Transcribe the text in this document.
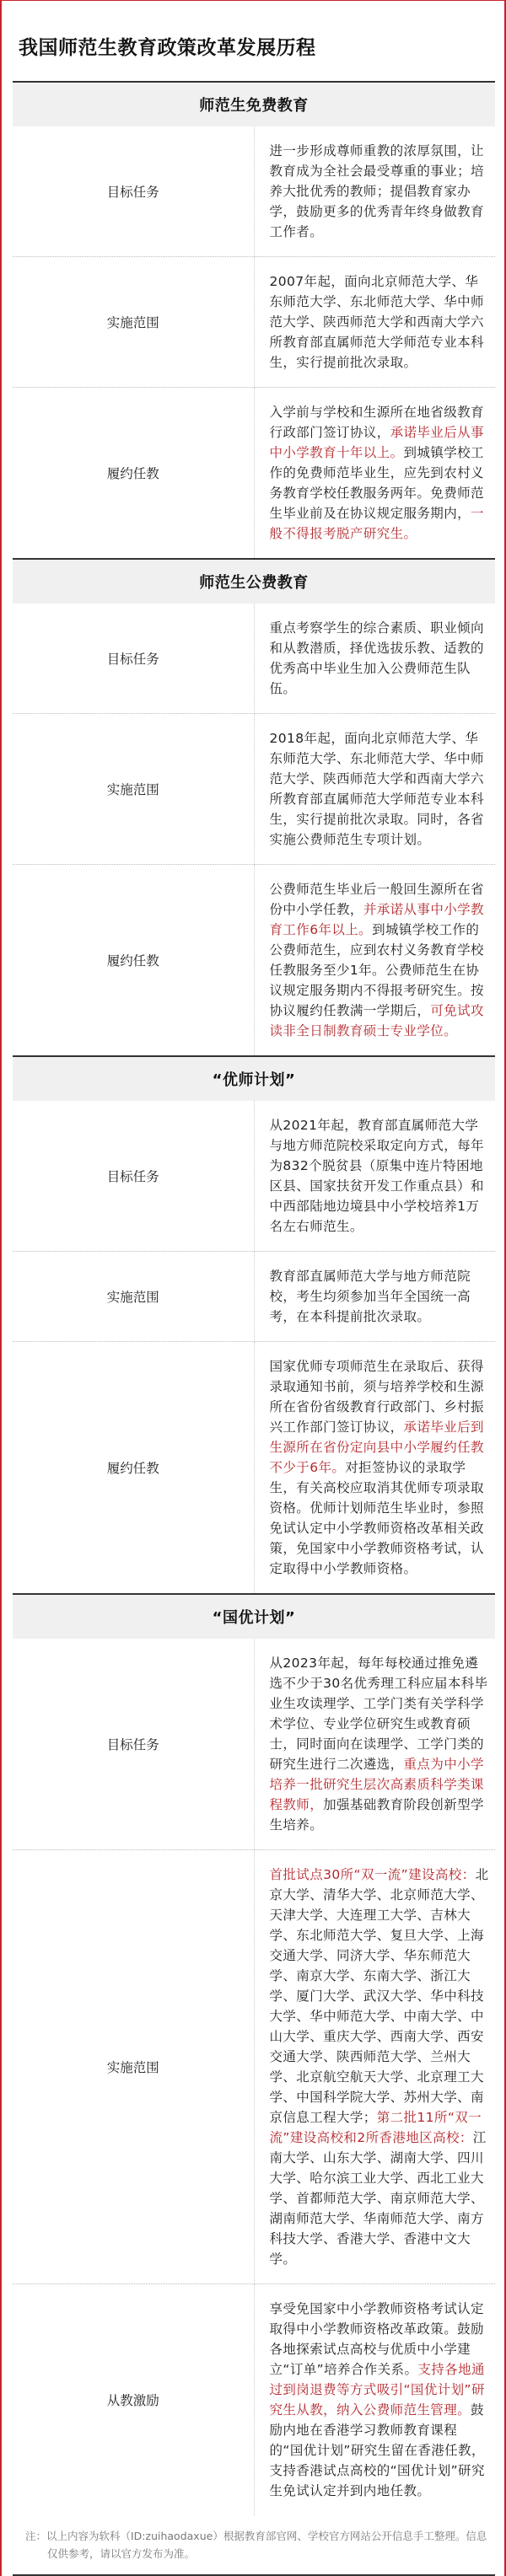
我国师范生教育政策改革发展历程
师范生免费教育	
目标任务	进一步形成尊师重教的浓厚氛围，让教育成为全社会最受尊重的事业；培养大批优秀的教师；提倡教育家办学，鼓励更多的优秀青年终身做教育工作者。
实施范围	2007年起，面向北京师范大学、华东师范大学、东北师范大学、华中师范大学、陕西师范大学和西南大学六所教育部直属师范大学师范专业本科生，实行提前批次录取。
履约任教	入学前与学校和生源所在地省级教育行政部门签订协议，承诺毕业后从事中小学教育十年以上。到城镇学校工作的免费师范毕业生，应先到农村义务教育学校任教服务两年。免费师范生毕业前及在协议规定服务期内，一般不得报考脱产研究生。
师范生公费教育	
目标任务	重点考察学生的综合素质、职业倾向和从教潜质，择优选拔乐教、适教的优秀高中毕业生加入公费师范生队伍。
实施范围	2018年起，面向北京师范大学、华东师范大学、东北师范大学、华中师范大学、陕西师范大学和西南大学六所教育部直属师范大学师范专业本科生，实行提前批次录取。同时，各省实施公费师范生专项计划。
履约任教	公费师范生毕业后一般回生源所在省份中小学任教，并承诺从事中小学教育工作6年以上。到城镇学校工作的公费师范生，应到农村义务教育学校任教服务至少1年。公费师范生在协议规定服务期内不得报考研究生。按协议履约任教满一学期后，可免试攻读非全日制教育硕士专业学位。
“优师计划”	
目标任务	从2021年起，教育部直属师范大学与地方师范院校采取定向方式，每年为832个脱贫县（原集中连片特困地区县、国家扶贫开发工作重点县）和中西部陆地边境县中小学校培养1万名左右师范生。
实施范围	教育部直属师范大学与地方师范院校，考生均须参加当年全国统一高考，在本科提前批次录取。
履约任教	国家优师专项师范生在录取后、获得录取通知书前，须与培养学校和生源所在省份省级教育行政部门、乡村振兴工作部门签订协议，承诺毕业后到生源所在省份定向县中小学履约任教不少于6年。对拒签协议的录取学生，有关高校应取消其优师专项录取资格。优师计划师范生毕业时，参照免试认定中小学教师资格改革相关政策，免国家中小学教师资格考试，认定取得中小学教师资格。
“国优计划”	
目标任务	从2023年起，每年每校通过推免遴选不少于30名优秀理工科应届本科毕业生攻读理学、工学门类有关学科学术学位、专业学位研究生或教育硕士，同时面向在读理学、工学门类的研究生进行二次遴选，重点为中小学培养一批研究生层次高素质科学类课程教师，加强基础教育阶段创新型学生培养。
实施范围	首批试点30所“双一流”建设高校：北京大学、清华大学、北京师范大学、天津大学、大连理工大学、吉林大学、东北师范大学、复旦大学、上海交通大学、同济大学、华东师范大学、南京大学、东南大学、浙江大学、厦门大学、武汉大学、华中科技大学、华中师范大学、中南大学、中山大学、重庆大学、西南大学、西安交通大学、陕西师范大学、兰州大学、北京航空航天大学、北京理工大学、中国科学院大学、苏州大学、南京信息工程大学；第二批11所“双一流”建设高校和2所香港地区高校：江南大学、山东大学、湖南大学、四川大学、哈尔滨工业大学、西北工业大学、首都师范大学、南京师范大学、湖南师范大学、华南师范大学、南方科技大学、香港大学、香港中文大学。
从教激励	享受免国家中小学教师资格考试认定取得中小学教师资格改革政策。鼓励各地探索试点高校与优质中小学建立“订单”培养合作关系。支持各地通过到岗退费等方式吸引“国优计划”研究生从教，纳入公费师范生管理。鼓励内地在香港学习教师教育课程的“国优计划”研究生留在香港任教，支持香港试点高校的“国优计划”研究生免试认定并到内地任教。
注：以上内容为软科（ID:zuihaodaxue）根据教育部官网、学校官方网站公开信息手工整理。信息仅供参考，请以官方发布为准。
